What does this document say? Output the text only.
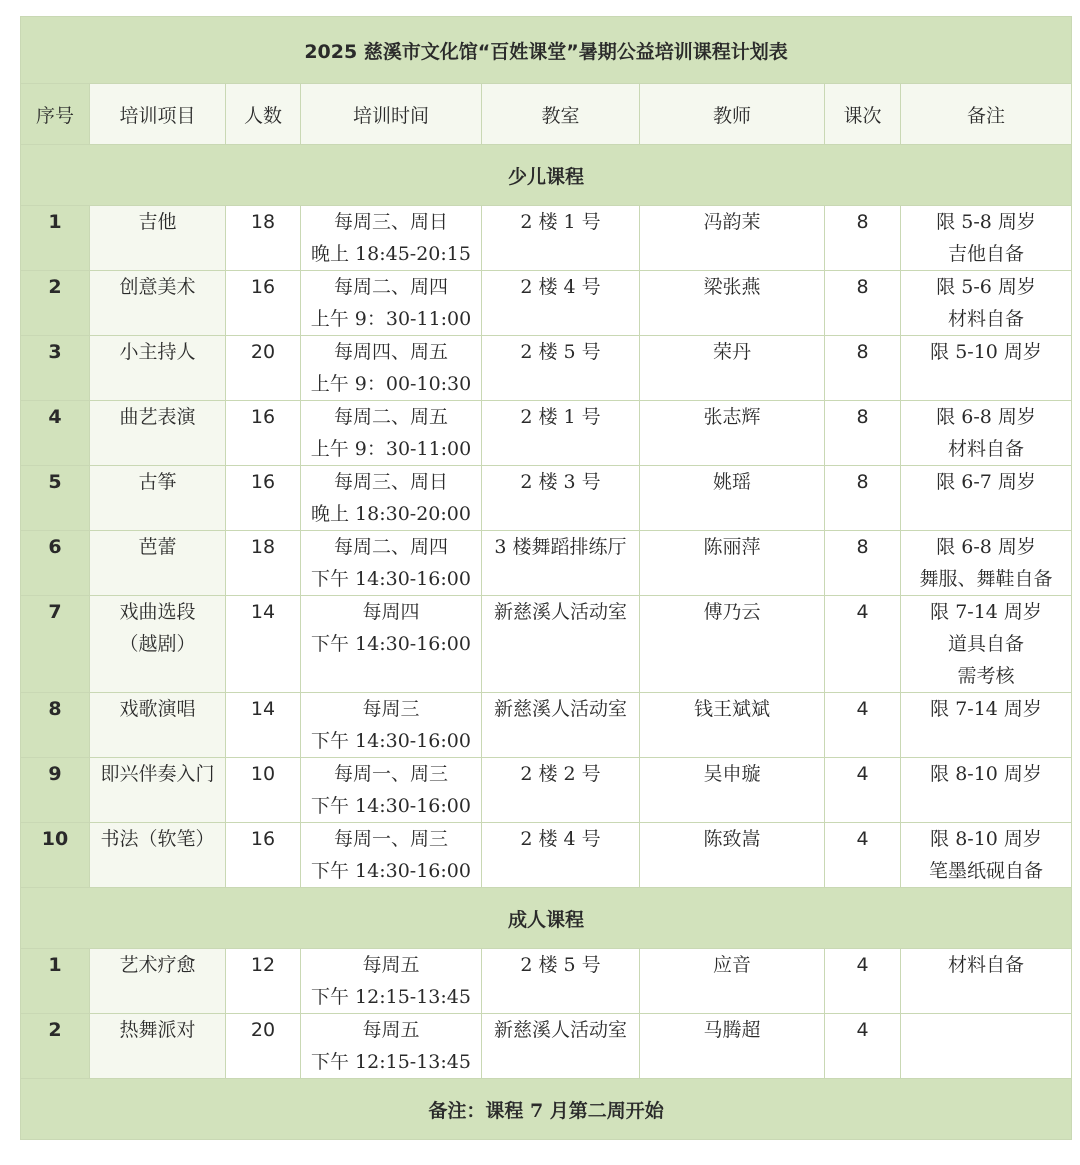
2025 慈溪市文化馆“百姓课堂”暑期公益培训课程计划表							
序号	培训项目	人数	培训时间	教室	教师	课次	备注
少儿课程							
1	吉他	18	每周三、周日
晚上 18:45-20:15	2 楼 1 号	冯韵茉	8	限 5-8 周岁
吉他自备

2	创意美术	16	每周二、周四
上午 9：30-11:00	2 楼 4 号	梁张燕	8	限 5-6 周岁
材料自备

3	小主持人	20	每周四、周五
上午 9：00-10:30	2 楼 5 号	荣丹	8	限 5-10 周岁

4	曲艺表演	16	每周二、周五
上午 9：30-11:00	2 楼 1 号	张志辉	8	限 6-8 周岁
材料自备

5	古筝	16	每周三、周日
晚上 18:30-20:00	2 楼 3 号	姚瑶	8	限 6-7 周岁

6	芭蕾	18	每周二、周四
下午 14:30-16:00	3 楼舞蹈排练厅	陈丽萍	8	限 6-8 周岁
舞服、舞鞋自备

7	戏曲选段
（越剧）	14	每周四
下午 14:30-16:00	新慈溪人活动室	傅乃云	4	限 7-14 周岁
道具自备
需考核

8	戏歌演唱	14	每周三
下午 14:30-16:00	新慈溪人活动室	钱王斌斌	4	限 7-14 周岁

9	即兴伴奏入门	10	每周一、周三
下午 14:30-16:00	2 楼 2 号	吴申璇	4	限 8-10 周岁

10	书法（软笔）	16	每周一、周三
下午 14:30-16:00	2 楼 4 号	陈致嵩	4	限 8-10 周岁
笔墨纸砚自备

成人课程							
1	艺术疗愈	12	每周五
下午 12:15-13:45	2 楼 5 号	应音	4	材料自备

2	热舞派对	20	每周五
下午 12:15-13:45	新慈溪人活动室	马腾超	4	
备注：课程 7 月第二周开始							
